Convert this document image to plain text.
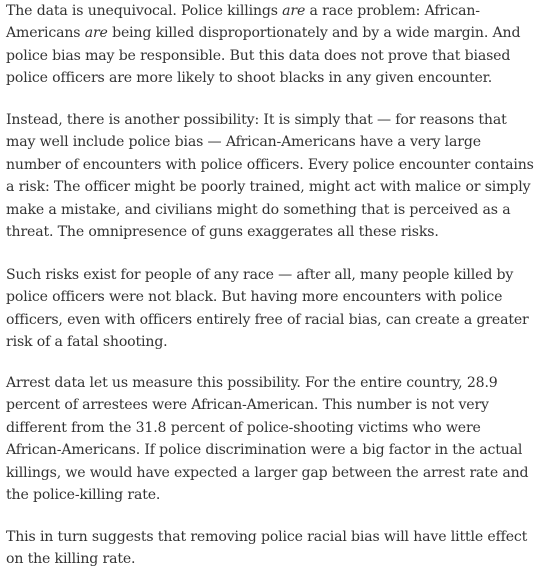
The data is unequivocal. Police killings are a race problem: African-
Americans are being killed disproportionately and by a wide margin. And
police bias may be responsible. But this data does not prove that biased
police officers are more likely to shoot blacks in any given encounter.

Instead, there is another possibility: It is simply that — for reasons that
may well include police bias — African-Americans have a very large
number of encounters with police officers. Every police encounter contains
a risk: The officer might be poorly trained, might act with malice or simply
make a mistake, and civilians might do something that is perceived as a
threat. The omnipresence of guns exaggerates all these risks.

Such risks exist for people of any race — after all, many people killed by
police officers were not black. But having more encounters with police
officers, even with officers entirely free of racial bias, can create a greater
risk of a fatal shooting.

Arrest data let us measure this possibility. For the entire country, 28.9
percent of arrestees were African-American. This number is not very
different from the 31.8 percent of police-shooting victims who were
African-Americans. If police discrimination were a big factor in the actual
killings, we would have expected a larger gap between the arrest rate and
the police-killing rate.

This in turn suggests that removing police racial bias will have little effect
on the killing rate.
